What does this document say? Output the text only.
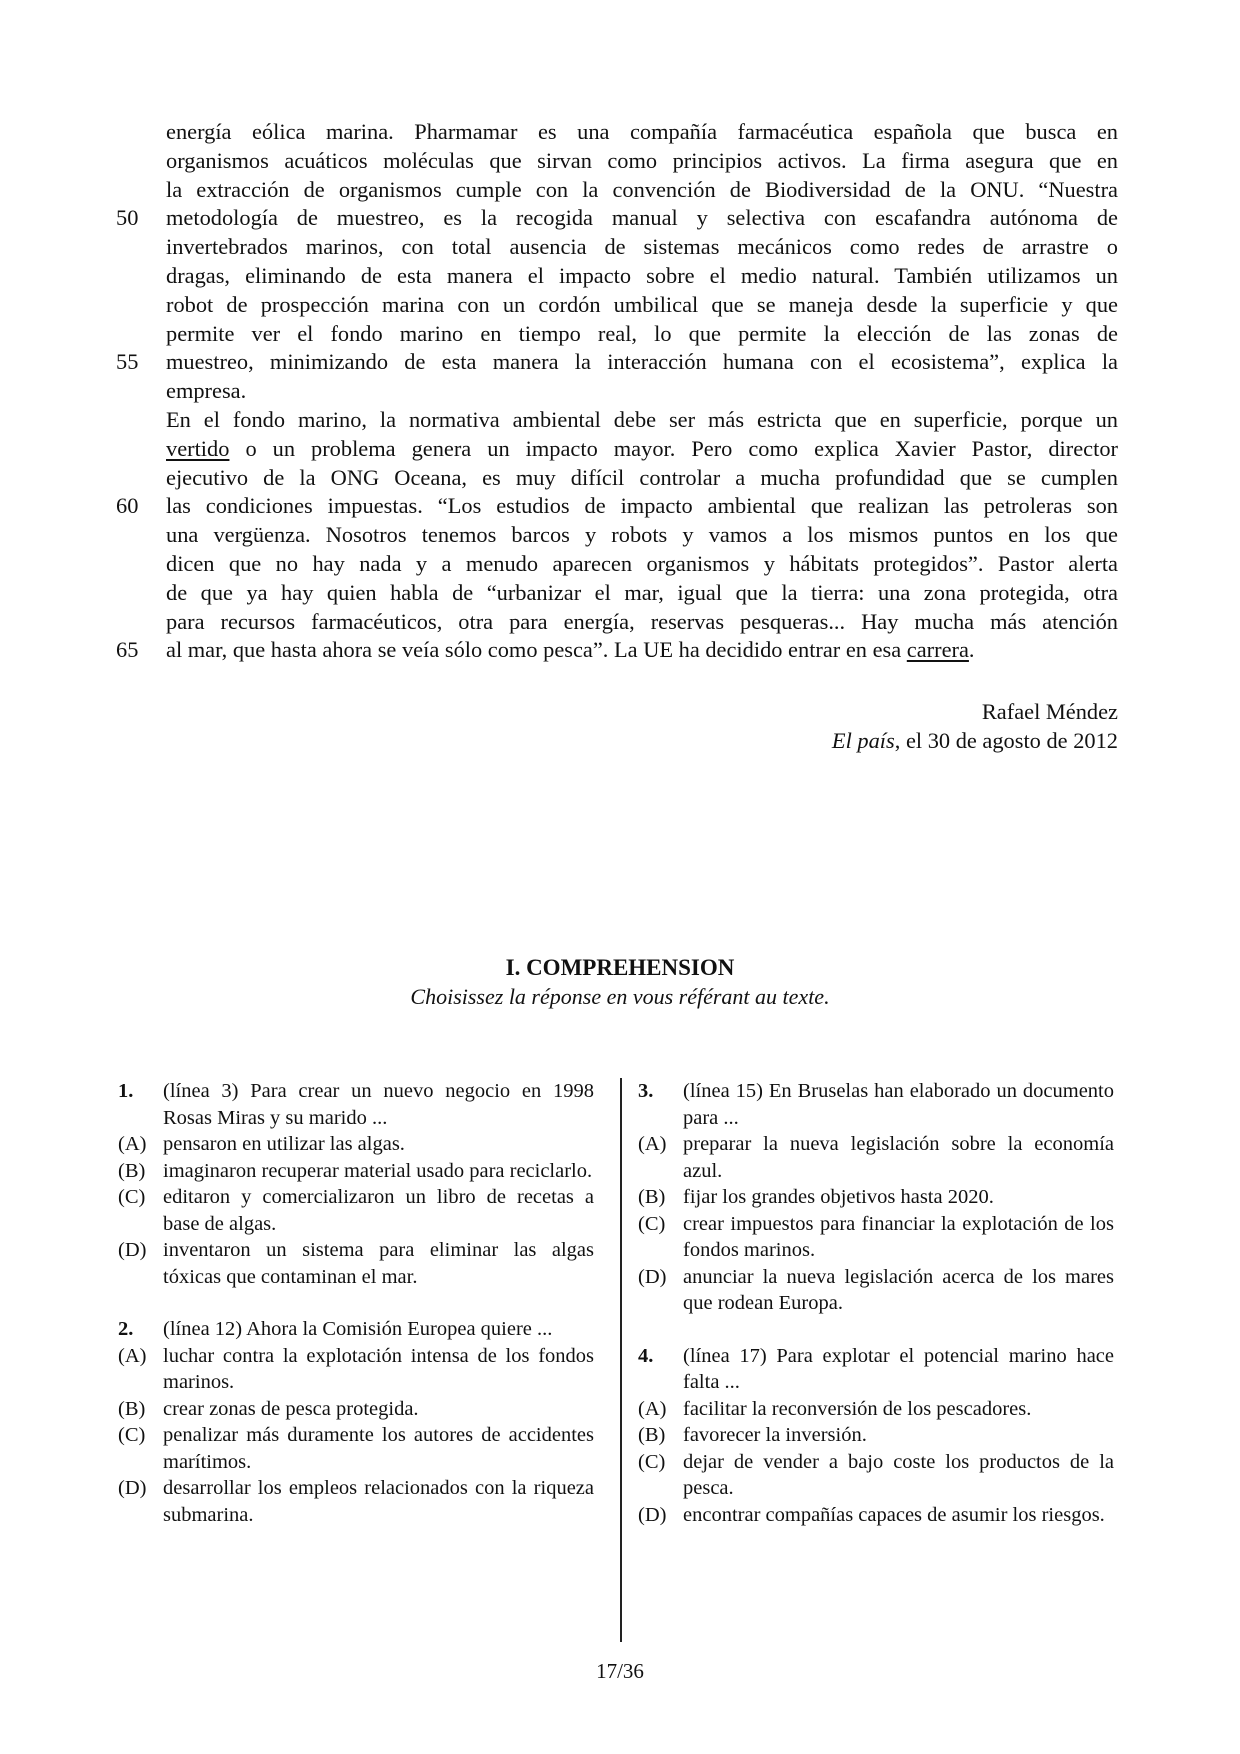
energía eólica marina. Pharmamar es una compañía farmacéutica española que busca en
organismos acuáticos moléculas que sirvan como principios activos. La firma asegura que en
la extracción de organismos cumple con la convención de Biodiversidad de la ONU. “Nuestra
50	metodología de muestreo, es la recogida manual y selectiva con escafandra autónoma de
invertebrados marinos, con total ausencia de sistemas mecánicos como redes de arrastre o
dragas, eliminando de esta manera el impacto sobre el medio natural. También utilizamos un
robot de prospección marina con un cordón umbilical que se maneja desde la superficie y que
permite ver el fondo marino en tiempo real, lo que permite la elección de las zonas de
55	muestreo, minimizando de esta manera la interacción humana con el ecosistema”, explica la
empresa.
En el fondo marino, la normativa ambiental debe ser más estricta que en superficie, porque un
vertido o un problema genera un impacto mayor. Pero como explica Xavier Pastor, director
ejecutivo de la ONG Oceana, es muy difícil controlar a mucha profundidad que se cumplen
60	las condiciones impuestas. “Los estudios de impacto ambiental que realizan las petroleras son
una vergüenza. Nosotros tenemos barcos y robots y vamos a los mismos puntos en los que
dicen que no hay nada y a menudo aparecen organismos y hábitats protegidos”. Pastor alerta
de que ya hay quien habla de “urbanizar el mar, igual que la tierra: una zona protegida, otra
para recursos farmacéuticos, otra para energía, reservas pesqueras... Hay mucha más atención
65	al mar, que hasta ahora se veía sólo como pesca”. La UE ha decidido entrar en esa carrera.
Rafael Méndez
El país, el 30 de agosto de 2012
I. COMPREHENSION
Choisissez la réponse en vous référant au texte.
1.	(línea 3) Para crear un nuevo negocio en 1998 Rosas Miras y su marido ...
(A) pensaron en utilizar las algas.
(B) imaginaron recuperar material usado para reciclarlo.
(C) editaron y comercializaron un libro de recetas a base de algas.
(D) inventaron un sistema para eliminar las algas tóxicas que contaminan el mar.
2.	(línea 12) Ahora la Comisión Europea quiere ...
(A) luchar contra la explotación intensa de los fondos marinos.
(B) crear zonas de pesca protegida.
(C) penalizar más duramente los autores de accidentes marítimos.
(D) desarrollar los empleos relacionados con la riqueza submarina.
3.	(línea 15) En Bruselas han elaborado un documento para ...
(A) preparar la nueva legislación sobre la economía azul.
(B) fijar los grandes objetivos hasta 2020.
(C) crear impuestos para financiar la explotación de los fondos marinos.
(D) anunciar la nueva legislación acerca de los mares que rodean Europa.
4.	(línea 17) Para explotar el potencial marino hace falta ...
(A) facilitar la reconversión de los pescadores.
(B) favorecer la inversión.
(C) dejar de vender a bajo coste los productos de la pesca.
(D) encontrar compañías capaces de asumir los riesgos.
17/36
